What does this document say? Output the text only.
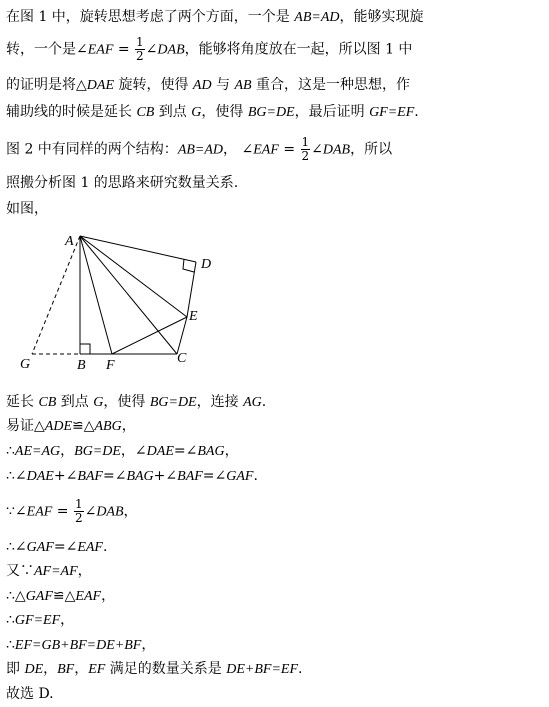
在图 1 中，旋转思想考虑了两个方面，一个是 AB=AD，能够实现旋
转，一个是∠EAF = $\frac{1}{2}$ ∠DAB，能够将角度放在一起，所以图 1 中
的证明是将△DAE 旋转，使得 AD 与 AB 重合，这是一种思想，作
辅助线的时候是延长 CB 到点 G，使得 BG=DE，最后证明 GF=EF.
图 2 中有同样的两个结构：AB=AD， ∠EAF = $\frac{1}{2}$ ∠DAB，所以
照搬分析图 1 的思路来研究数量关系.
如图，
A
D
E
G	B F	C
延长 CB 到点 G，使得 BG=DE，连接 AG.
易证△ADE≌△ABG，
∴AE=AG，BG=DE，∠DAE=∠BAG，
∴∠DAE+∠BAF=∠BAG+∠BAF=∠GAF.
∵∠EAF = $\frac{1}{2}$ ∠DAB，
∴∠GAF=∠EAF.
又∵AF=AF，
∴△GAF≌△EAF，
∴GF=EF，
∴EF=GB+BF=DE+BF，
即 DE，BF，EF 满足的数量关系是 DE+BF=EF.
故选 D.
